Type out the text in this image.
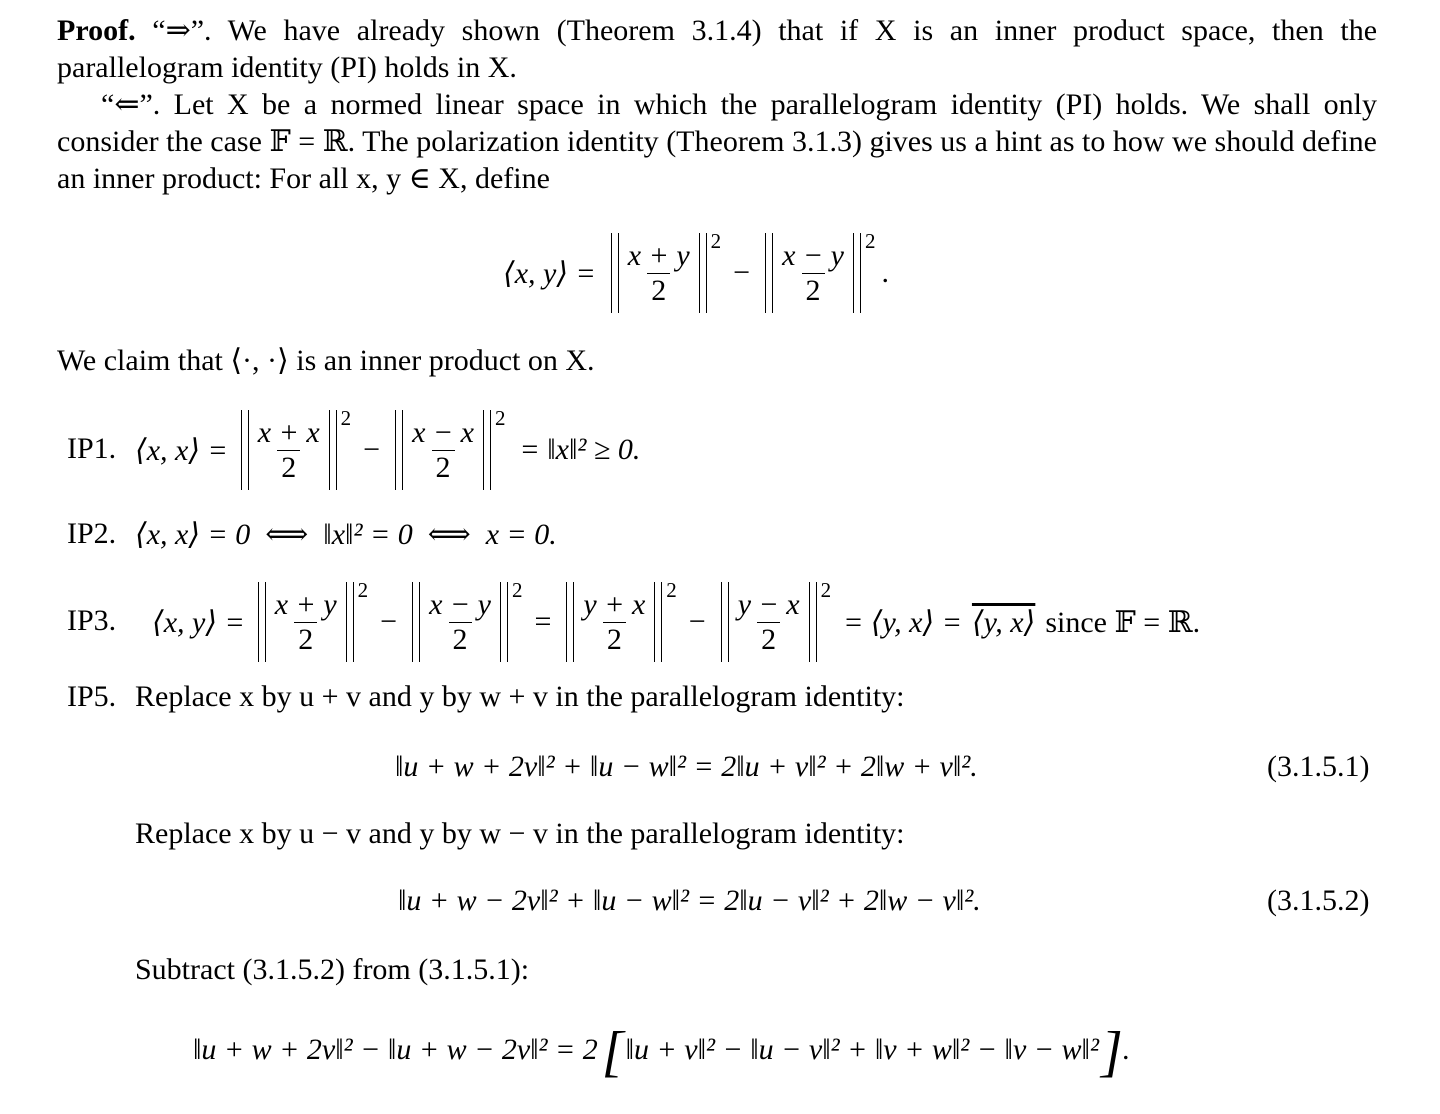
Proof. “⇒”. We have already shown (Theorem 3.1.4) that if X is an inner product space, then the parallelogram identity (PI) holds in X.

“⇐”. Let X be a normed linear space in which the parallelogram identity (PI) holds. We shall only consider the case 𝔽 = ℝ. The polarization identity (Theorem 3.1.3) gives us a hint as to how we should define an inner product: For all x, y ∈ X, define

⟨x, y⟩ = $\frac{x + y}{2} 2$
− $\frac{x - y}{2} 2$
.
We claim that ⟨·, ·⟩ is an inner product on X.
IP1. ⟨x, x⟩ = $\frac{x + x}{2} 2$
− $\frac{x - x}{2} 2$
= ‖x‖² ≥ 0.
IP2. ⟨x, x⟩ = 0  ⟺  ‖x‖² = 0  ⟺  x = 0.
IP3. ⟨x, y⟩ = $\frac{x + y}{2} 2$
− $\frac{x - y}{2} 2$
= $\frac{y + x}{2} 2$
− $\frac{y - x}{2} 2$
= ⟨y, x⟩ = ⟨y, x⟩ since 𝔽 = ℝ.
IP5. Replace x by u + v and y by w + v in the parallelogram identity:
‖u + w + 2v‖² + ‖u − w‖² = 2‖u + v‖² + 2‖w + v‖².	(3.1.5.1)
Replace x by u − v and y by w − v in the parallelogram identity:
‖u + w − 2v‖² + ‖u − w‖² = 2‖u − v‖² + 2‖w − v‖².	(3.1.5.2)
Subtract (3.1.5.2) from (3.1.5.1):
‖u + w + 2v‖² − ‖u + w − 2v‖² = 2 [ ‖u + v‖² − ‖u − v‖² + ‖v + w‖² − ‖v − w‖² ] .
